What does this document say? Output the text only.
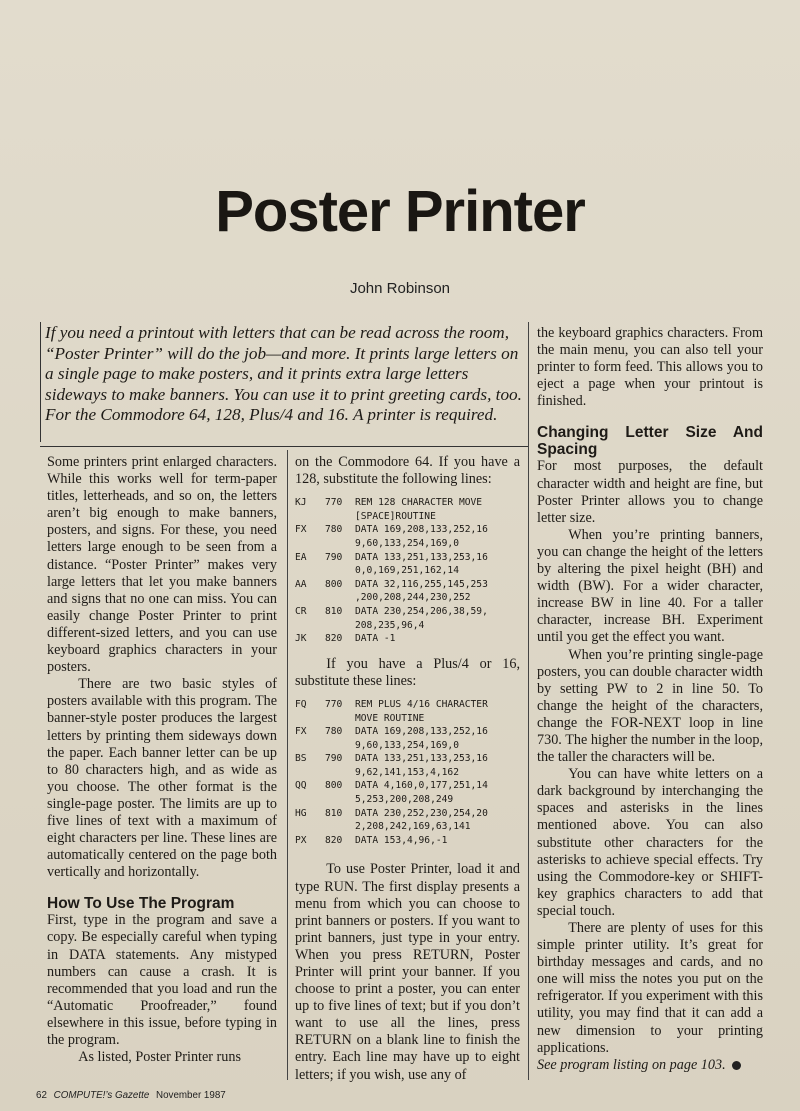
Poster Printer
John Robinson
If you need a printout with letters that can be read across the room, “Poster Printer” will do the job—and more. It prints large letters on a single page to make posters, and it prints extra large letters sideways to make banners. You can use it to print greeting cards, too. For the Commodore 64, 128, Plus/4 and 16. A printer is required.

Some printers print enlarged characters. While this works well for term-paper titles, letterheads, and so on, the letters aren’t big enough to make banners, posters, and signs. For these, you need letters large enough to be seen from a distance. “Poster Printer” makes very large letters that let you make banners and signs that no one can miss. You can easily change Poster Printer to print different-sized letters, and you can use keyboard graphics characters in your posters.

There are two basic styles of posters available with this program. The banner-style poster produces the largest letters by printing them sideways down the paper. Each banner letter can be up to 80 characters high, and as wide as you choose. The other format is the single-page poster. The limits are up to five lines of text with a maximum of eight characters per line. These lines are automatically centered on the page both vertically and horizontally.

How To Use The Program

First, type in the program and save a copy. Be especially careful when typing in DATA statements. Any mistyped numbers can cause a crash. It is recommended that you load and run the “Automatic Proofreader,” found elsewhere in this issue, before typing in the program.

As listed, Poster Printer runs

on the Commodore 64. If you have a 128, substitute the following lines:

KJ	770	REM 128 CHARACTER MOVE
[SPACE]ROUTINE
FX	780	DATA 169,208,133,252,16
9,60,133,254,169,0
EA	790	DATA 133,251,133,253,16
0,0,169,251,162,14
AA	800	DATA 32,116,255,145,253
,200,208,244,230,252
CR	810	DATA 230,254,206,38,59,
208,235,96,4
JK	820	DATA -1

If you have a Plus/4 or 16, substitute these lines:

FQ	770	REM PLUS 4/16 CHARACTER
MOVE ROUTINE
FX	780	DATA 169,208,133,252,16
9,60,133,254,169,0
BS	790	DATA 133,251,133,253,16
9,62,141,153,4,162
QQ	800	DATA 4,160,0,177,251,14
5,253,200,208,249
HG	810	DATA 230,252,230,254,20
2,208,242,169,63,141
PX	820	DATA 153,4,96,-1

To use Poster Printer, load it and type RUN. The first display presents a menu from which you can choose to print banners or posters. If you want to print banners, just type in your entry. When you press RETURN, Poster Printer will print your banner. If you choose to print a poster, you can enter up to five lines of text; but if you don’t want to use all the lines, press RETURN on a blank line to finish the entry. Each line may have up to eight letters; if you wish, use any of

the keyboard graphics characters. From the main menu, you can also tell your printer to form feed. This allows you to eject a page when your printout is finished.

Changing Letter Size And Spacing

For most purposes, the default character width and height are fine, but Poster Printer allows you to change letter size.

When you’re printing banners, you can change the height of the letters by altering the pixel height (BH) and width (BW). For a wider character, increase BW in line 40. For a taller character, increase BH. Experiment until you get the effect you want.

When you’re printing single-page posters, you can double character width by setting PW to 2 in line 50. To change the height of the characters, change the FOR-NEXT loop in line 730. The higher the number in the loop, the taller the characters will be.

You can have white letters on a dark background by interchanging the spaces and asterisks in the lines mentioned above. You can also substitute other characters for the asterisks to achieve special effects. Try using the Commodore-key or SHIFT-key graphics characters to add that special touch.

There are plenty of uses for this simple printer utility. It’s great for birthday messages and cards, and no one will miss the notes you put on the refrigerator. If you experiment with this utility, you may find that it can add a new dimension to your printing applications.

See program listing on page 103.

62 COMPUTE!’s Gazette November 1987
